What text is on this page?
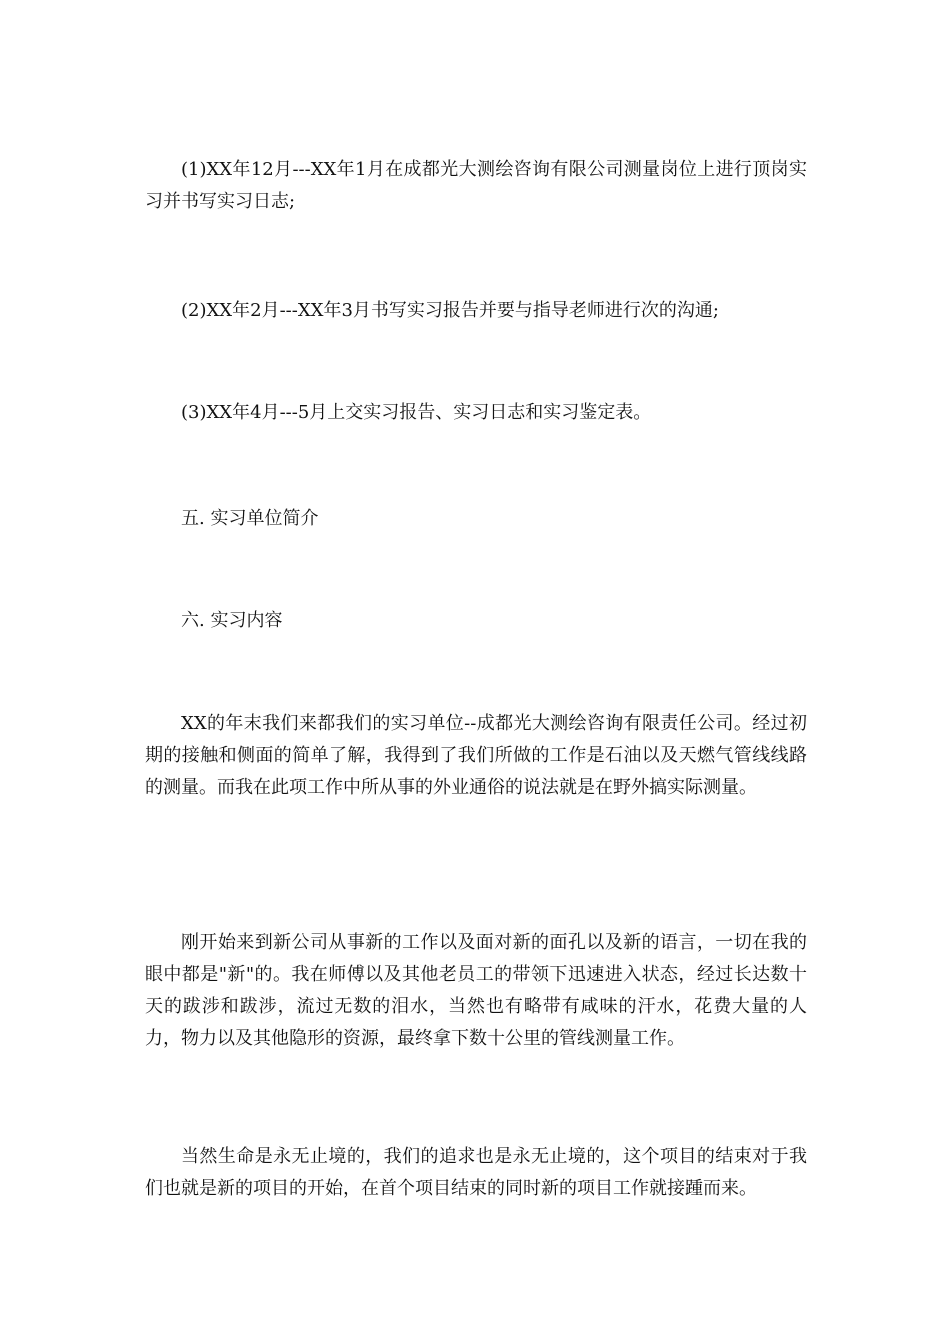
(1)XX年12月---XX年1月在成都光大测绘咨询有限公司测量岗位上进行顶岗实习并书写实习日志;

(2)XX年2月---XX年3月书写实习报告并要与指导老师进行次的沟通;

(3)XX年4月---5月上交实习报告、实习日志和实习鉴定表。

五. 实习单位简介

六. 实习内容

XX的年末我们来都我们的实习单位--成都光大测绘咨询有限责任公司。经过初期的接触和侧面的简单了解，我得到了我们所做的工作是石油以及天燃气管线线路的测量。而我在此项工作中所从事的外业通俗的说法就是在野外搞实际测量。

刚开始来到新公司从事新的工作以及面对新的面孔以及新的语言，一切在我的眼中都是"新"的。我在师傅以及其他老员工的带领下迅速进入状态，经过长达数十天的跋涉和跋涉，流过无数的泪水，当然也有略带有咸味的汗水，花费大量的人力，物力以及其他隐形的资源，最终拿下数十公里的管线测量工作。

当然生命是永无止境的，我们的追求也是永无止境的，这个项目的结束对于我们也就是新的项目的开始，在首个项目结束的同时新的项目工作就接踵而来。
